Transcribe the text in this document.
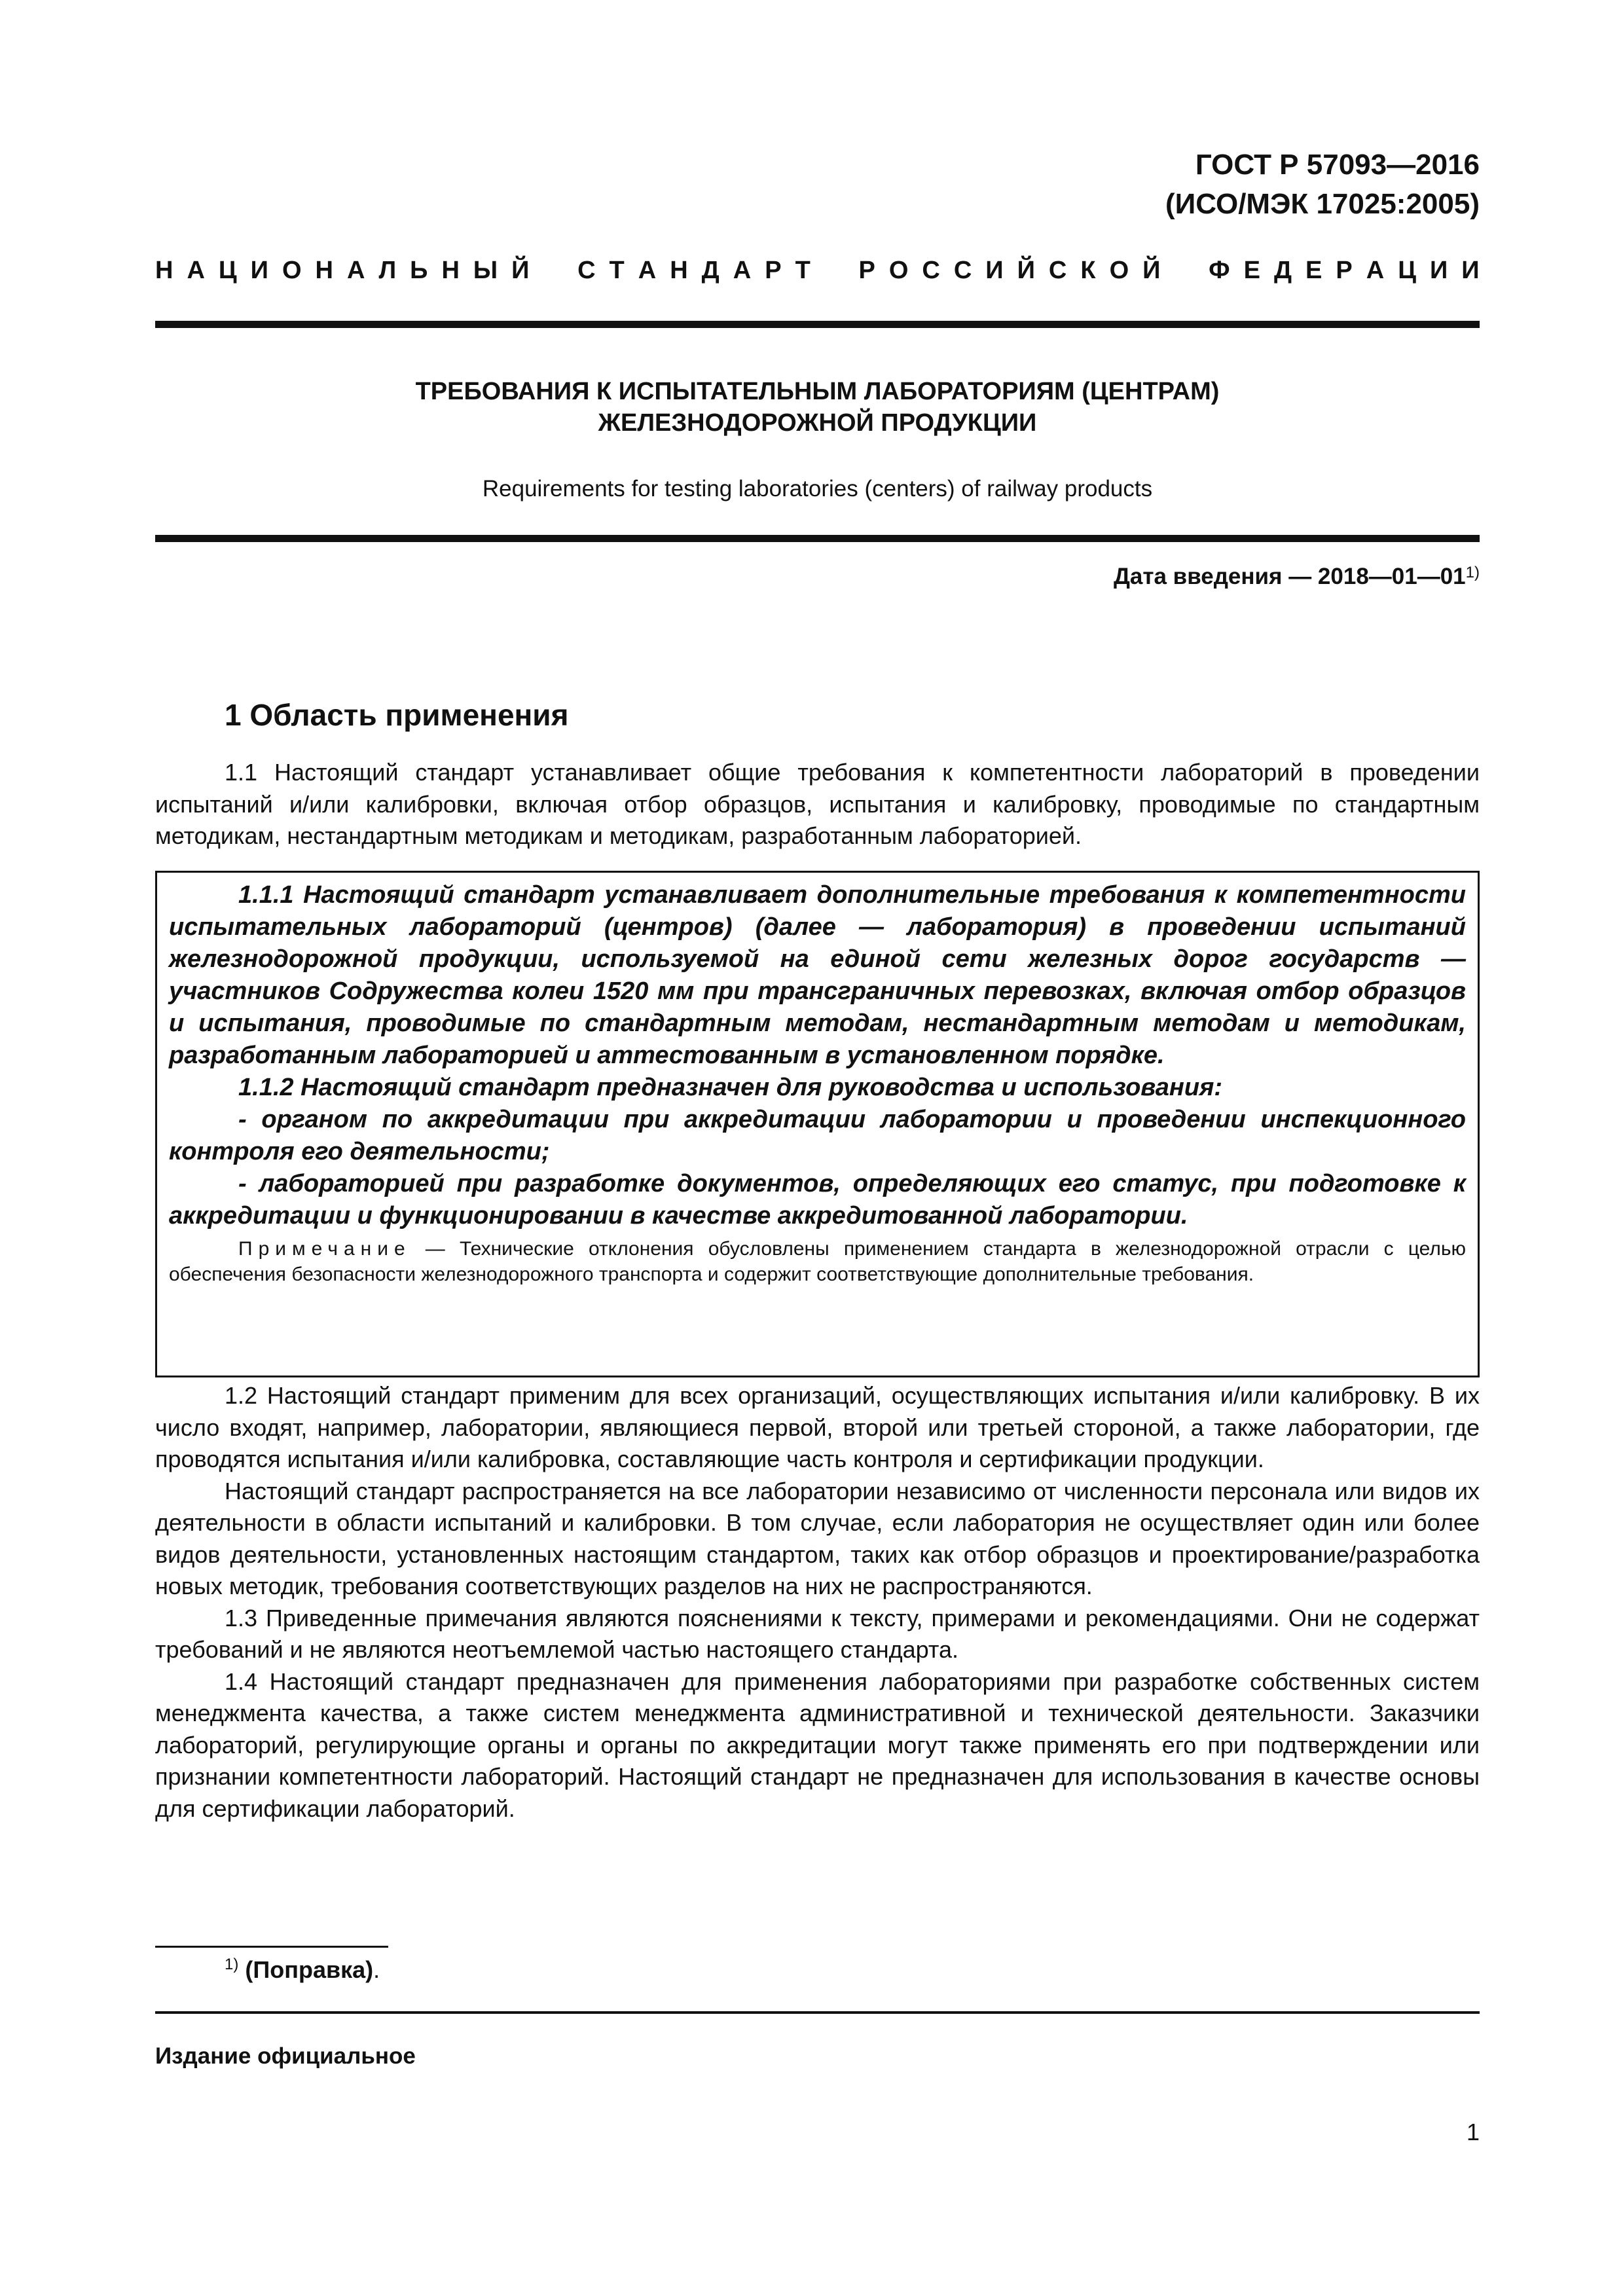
ГОСТ Р 57093—2016
(ИСО/МЭК 17025:2005)
Н А Ц И О Н А Л Ь Н Ы Й
С Т А Н Д А Р Т
Р О С С И Й С К О Й
Ф Е Д Е Р А Ц И И
ТРЕБОВАНИЯ К ИСПЫТАТЕЛЬНЫМ ЛАБОРАТОРИЯМ (ЦЕНТРАМ)
ЖЕЛЕЗНОДОРОЖНОЙ ПРОДУКЦИИ
Requirements for testing laboratories (centers) of railway products
Дата введения — 2018—01—01$^{1)}$
1 Область применения

1.1 Настоящий стандарт устанавливает общие требования к компетентности лабораторий в проведении испытаний и/или калибровки, включая отбор образцов, испытания и калибровку, проводимые по стандартным методикам, нестандартным методикам и методикам, разработанным лабораторией.

1.1.1 Настоящий стандарт устанавливает дополнительные требования к компетентности испытательных лабораторий (центров) (далее — лаборатория) в проведении испытаний железнодорожной продукции, используемой на единой сети железных дорог государств — участников Содружества колеи 1520 мм при трансграничных перевозках, включая отбор образцов и испытания, проводимые по стандартным методам, нестандартным методам и методикам, разработанным лабораторией и аттестованным в установленном порядке.

1.1.2 Настоящий стандарт предназначен для руководства и использования:

- органом по аккредитации при аккредитации лаборатории и проведении инспекционного контроля его деятельности;

- лабораторией при разработке документов, определяющих его статус, при подготовке к аккредитации и функционировании в качестве аккредитованной лаборатории.

Примечание — Технические отклонения обусловлены применением стандарта в железнодорожной отрасли с целью обеспечения безопасности железнодорожного транспорта и содержит соответствующие дополнительные требования.

1.2 Настоящий стандарт применим для всех организаций, осуществляющих испытания и/или калибровку. В их число входят, например, лаборатории, являющиеся первой, второй или третьей стороной, а также лаборатории, где проводятся испытания и/или калибровка, составляющие часть контроля и сертификации продукции.

Настоящий стандарт распространяется на все лаборатории независимо от численности персонала или видов их деятельности в области испытаний и калибровки. В том случае, если лаборатория не осуществляет один или более видов деятельности, установленных настоящим стандартом, таких как отбор образцов и проектирование/разработка новых методик, требования соответствующих разделов на них не распространяются.

1.3 Приведенные примечания являются пояснениями к тексту, примерами и рекомендациями. Они не содержат требований и не являются неотъемлемой частью настоящего стандарта.

1.4 Настоящий стандарт предназначен для применения лабораториями при разработке собственных систем менеджмента качества, а также систем менеджмента административной и технической деятельности. Заказчики лабораторий, регулирующие органы и органы по аккредитации могут также применять его при подтверждении или признании компетентности лабораторий. Настоящий стандарт не предназначен для использования в качестве основы для сертификации лабораторий.

$^{1)}$ (Поправка).
Издание официальное
1
